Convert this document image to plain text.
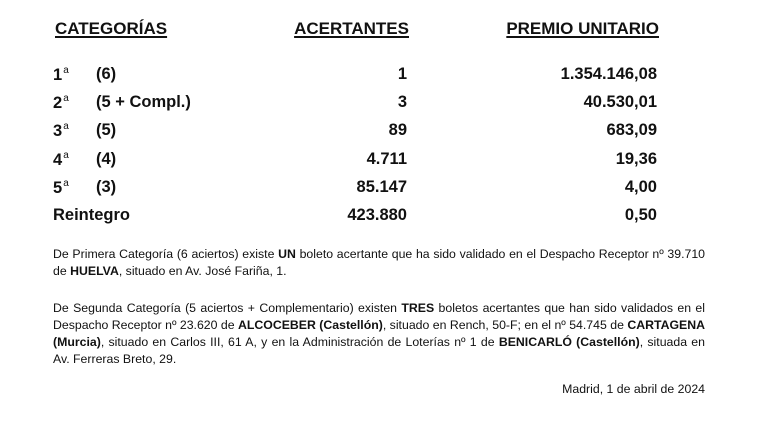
CATEGORÍAS	ACERTANTES	PREMIO UNITARIO
1$^a$ (6)	1	1.354.146,08
2$^a$ (5 + Compl.)	3	40.530,01
3$^a$ (5)	89	683,09
4$^a$ (4)	4.711	19,36
5$^a$ (3)	85.147	4,00
Reintegro	423.880	0,50

De Primera Categoría (6 aciertos) existe UN boleto acertante que ha sido validado en el Despacho Receptor nº 39.710 de HUELVA, situado en Av. José Fariña, 1.

De Segunda Categoría (5 aciertos + Complementario) existen TRES boletos acertantes que han sido validados en el Despacho Receptor nº 23.620 de ALCOCEBER (Castellón), situado en Rench, 50-F; en el nº 54.745 de CARTAGENA (Murcia), situado en Carlos III, 61 A, y en la Administración de Loterías nº 1 de BENICARLÓ (Castellón), situada en Av. Ferreras Breto, 29.

Madrid, 1 de abril de 2024
